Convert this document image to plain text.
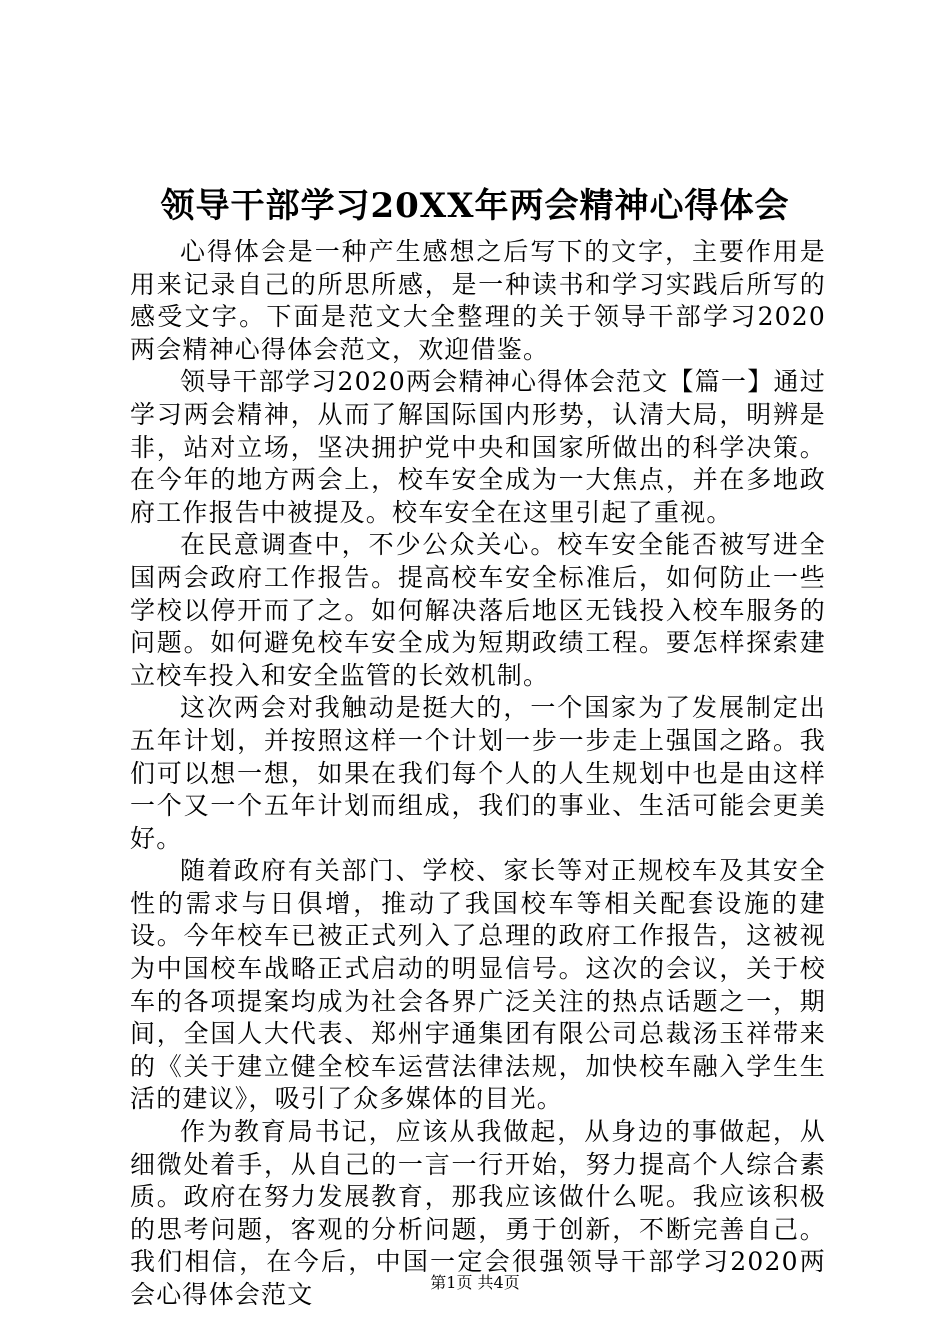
领导干部学习20XX年两会精神心得体会

心得体会是一种产生感想之后写下的文字，主要作用是用来记录自己的所思所感，是一种读书和学习实践后所写的感受文字。下面是范文大全整理的关于领导干部学习2020两会精神心得体会范文，欢迎借鉴。

领导干部学习2020两会精神心得体会范文【篇一】通过学习两会精神，从而了解国际国内形势，认清大局，明辨是非，站对立场，坚决拥护党中央和国家所做出的科学决策。在今年的地方两会上，校车安全成为一大焦点，并在多地政府工作报告中被提及。校车安全在这里引起了重视。

在民意调查中，不少公众关心。校车安全能否被写进全国两会政府工作报告。提高校车安全标准后，如何防止一些学校以停开而了之。如何解决落后地区无钱投入校车服务的问题。如何避免校车安全成为短期政绩工程。要怎样探索建立校车投入和安全监管的长效机制。

这次两会对我触动是挺大的，一个国家为了发展制定出五年计划，并按照这样一个计划一步一步走上强国之路。我们可以想一想，如果在我们每个人的人生规划中也是由这样一个又一个五年计划而组成，我们的事业、生活可能会更美好。

随着政府有关部门、学校、家长等对正规校车及其安全性的需求与日俱增，推动了我国校车等相关配套设施的建设。今年校车已被正式列入了总理的政府工作报告，这被视为中国校车战略正式启动的明显信号。这次的会议，关于校车的各项提案均成为社会各界广泛关注的热点话题之一，期间，全国人大代表、郑州宇通集团有限公司总裁汤玉祥带来的《关于建立健全校车运营法律法规，加快校车融入学生生活的建议》，吸引了众多媒体的目光。

作为教育局书记，应该从我做起，从身边的事做起，从细微处着手，从自己的一言一行开始，努力提高个人综合素质。政府在努力发展教育，那我应该做什么呢。我应该积极的思考问题，客观的分析问题，勇于创新，不断完善自己。我们相信，在今后，中国一定会很强领导干部学习2020两会心得体会范文	第1页 共4页
